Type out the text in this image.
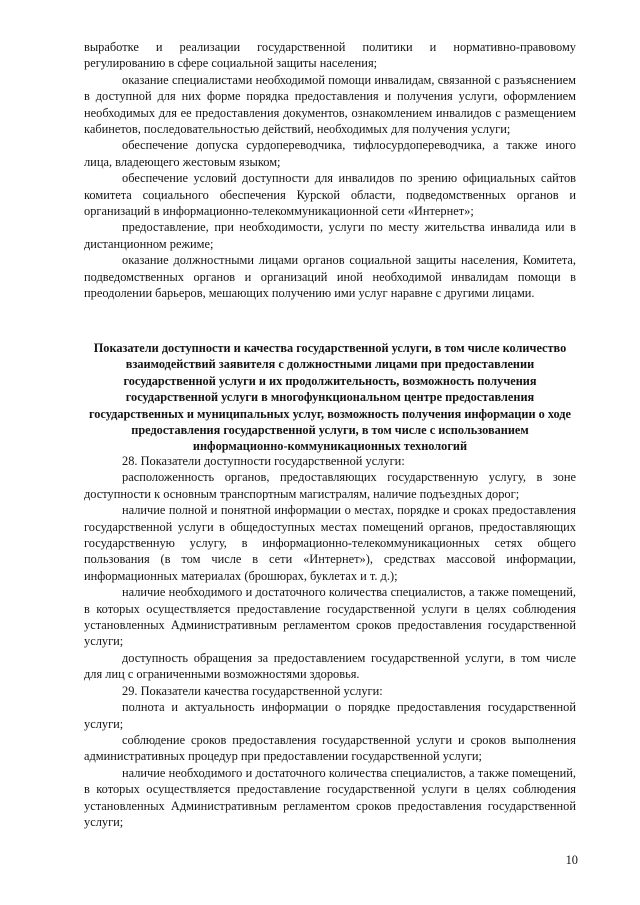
выработке и реализации государственной политики и нормативно-правовому регулированию в сфере социальной защиты населения;

оказание специалистами необходимой помощи инвалидам, связанной с разъяснением в доступной для них форме порядка предоставления и получения услуги, оформлением необходимых для ее предоставления документов, ознакомлением инвалидов с размещением кабинетов, последовательностью действий, необходимых для получения услуги;

обеспечение допуска сурдопереводчика, тифлосурдопереводчика, а также иного лица, владеющего жестовым языком;

обеспечение условий доступности для инвалидов по зрению официальных сайтов комитета социального обеспечения Курской области, подведомственных органов и организаций в информационно-телекоммуникационной сети «Интернет»;

предоставление, при необходимости, услуги по месту жительства инвалида или в дистанционном режиме;

оказание должностными лицами органов социальной защиты населения, Комитета, подведомственных органов и организаций иной необходимой инвалидам помощи в преодолении барьеров, мешающих получению ими услуг наравне с другими лицами.

Показатели доступности и качества государственной услуги, в том числе количество взаимодействий заявителя с должностными лицами при предоставлении государственной услуги и их продолжительность, возможность получения государственной услуги в многофункциональном центре предоставления государственных и муниципальных услуг, возможность получения информации о ходе предоставления государственной услуги, в том числе с использованием информационно-коммуникационных технологий

28. Показатели доступности государственной услуги:

расположенность органов, предоставляющих государственную услугу, в зоне доступности к основным транспортным магистралям, наличие подъездных дорог;

наличие полной и понятной информации о местах, порядке и сроках предоставления государственной услуги в общедоступных местах помещений органов, предоставляющих государственную услугу, в информационно-телекоммуникационных сетях общего пользования (в том числе в сети «Интернет»), средствах массовой информации, информационных материалах (брошюрах, буклетах и т. д.);

наличие необходимого и достаточного количества специалистов, а также помещений, в которых осуществляется предоставление государственной услуги в целях соблюдения установленных Административным регламентом сроков предоставления государственной услуги;

доступность обращения за предоставлением государственной услуги, в том числе для лиц с ограниченными возможностями здоровья.

29. Показатели качества государственной услуги:

полнота и актуальность информации о порядке предоставления государственной услуги;

соблюдение сроков предоставления государственной услуги и сроков выполнения административных процедур при предоставлении государственной услуги;

наличие необходимого и достаточного количества специалистов, а также помещений, в которых осуществляется предоставление государственной услуги в целях соблюдения установленных Административным регламентом сроков предоставления государственной услуги;

10
